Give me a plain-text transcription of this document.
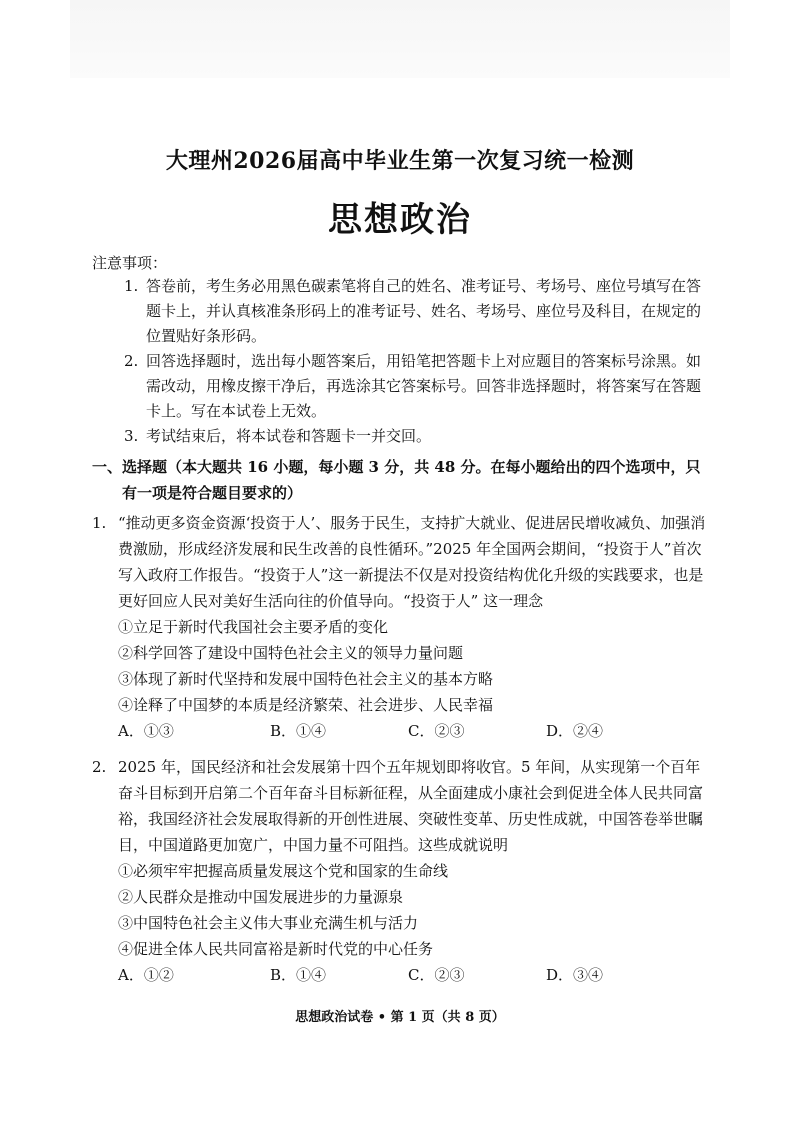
大理州2026届高中毕业生第一次复习统一检测
思想政治
注意事项：
1. 答卷前，考生务必用黑色碳素笔将自己的姓名、准考证号、考场号、座位号填写在答题卡上，并认真核准条形码上的准考证号、姓名、考场号、座位号及科目，在规定的位置贴好条形码。
2. 回答选择题时，选出每小题答案后，用铅笔把答题卡上对应题目的答案标号涂黑。如需改动，用橡皮擦干净后，再选涂其它答案标号。回答非选择题时，将答案写在答题卡上。写在本试卷上无效。
3. 考试结束后，将本试卷和答题卡一并交回。
一、选择题（本大题共 16 小题，每小题 3 分，共 48 分。在每小题给出的四个选项中，只
有一项是符合题目要求的）
1. “推动更多资金资源‘投资于人’、服务于民生，支持扩大就业、促进居民增收减负、加强消费激励，形成经济发展和民生改善的良性循环。”2025 年全国两会期间，“投资于人”首次写入政府工作报告。“投资于人”这一新提法不仅是对投资结构优化升级的实践要求，也是更好回应人民对美好生活向往的价值导向。“投资于人” 这一理念
①立足于新时代我国社会主要矛盾的变化
②科学回答了建设中国特色社会主义的领导力量问题
③体现了新时代坚持和发展中国特色社会主义的基本方略
④诠释了中国梦的本质是经济繁荣、社会进步、人民幸福
A．①③	B．①④	C．②③	D．②④
2. 2025 年，国民经济和社会发展第十四个五年规划即将收官。5 年间，从实现第一个百年奋斗目标到开启第二个百年奋斗目标新征程，从全面建成小康社会到促进全体人民共同富裕，我国经济社会发展取得新的开创性进展、突破性变革、历史性成就，中国答卷举世瞩目，中国道路更加宽广，中国力量不可阻挡。这些成就说明
①必须牢牢把握高质量发展这个党和国家的生命线
②人民群众是推动中国发展进步的力量源泉
③中国特色社会主义伟大事业充满生机与活力
④促进全体人民共同富裕是新时代党的中心任务
A．①②	B．①④	C．②③	D．③④
思想政治试卷 • 第 1 页（共 8 页）
